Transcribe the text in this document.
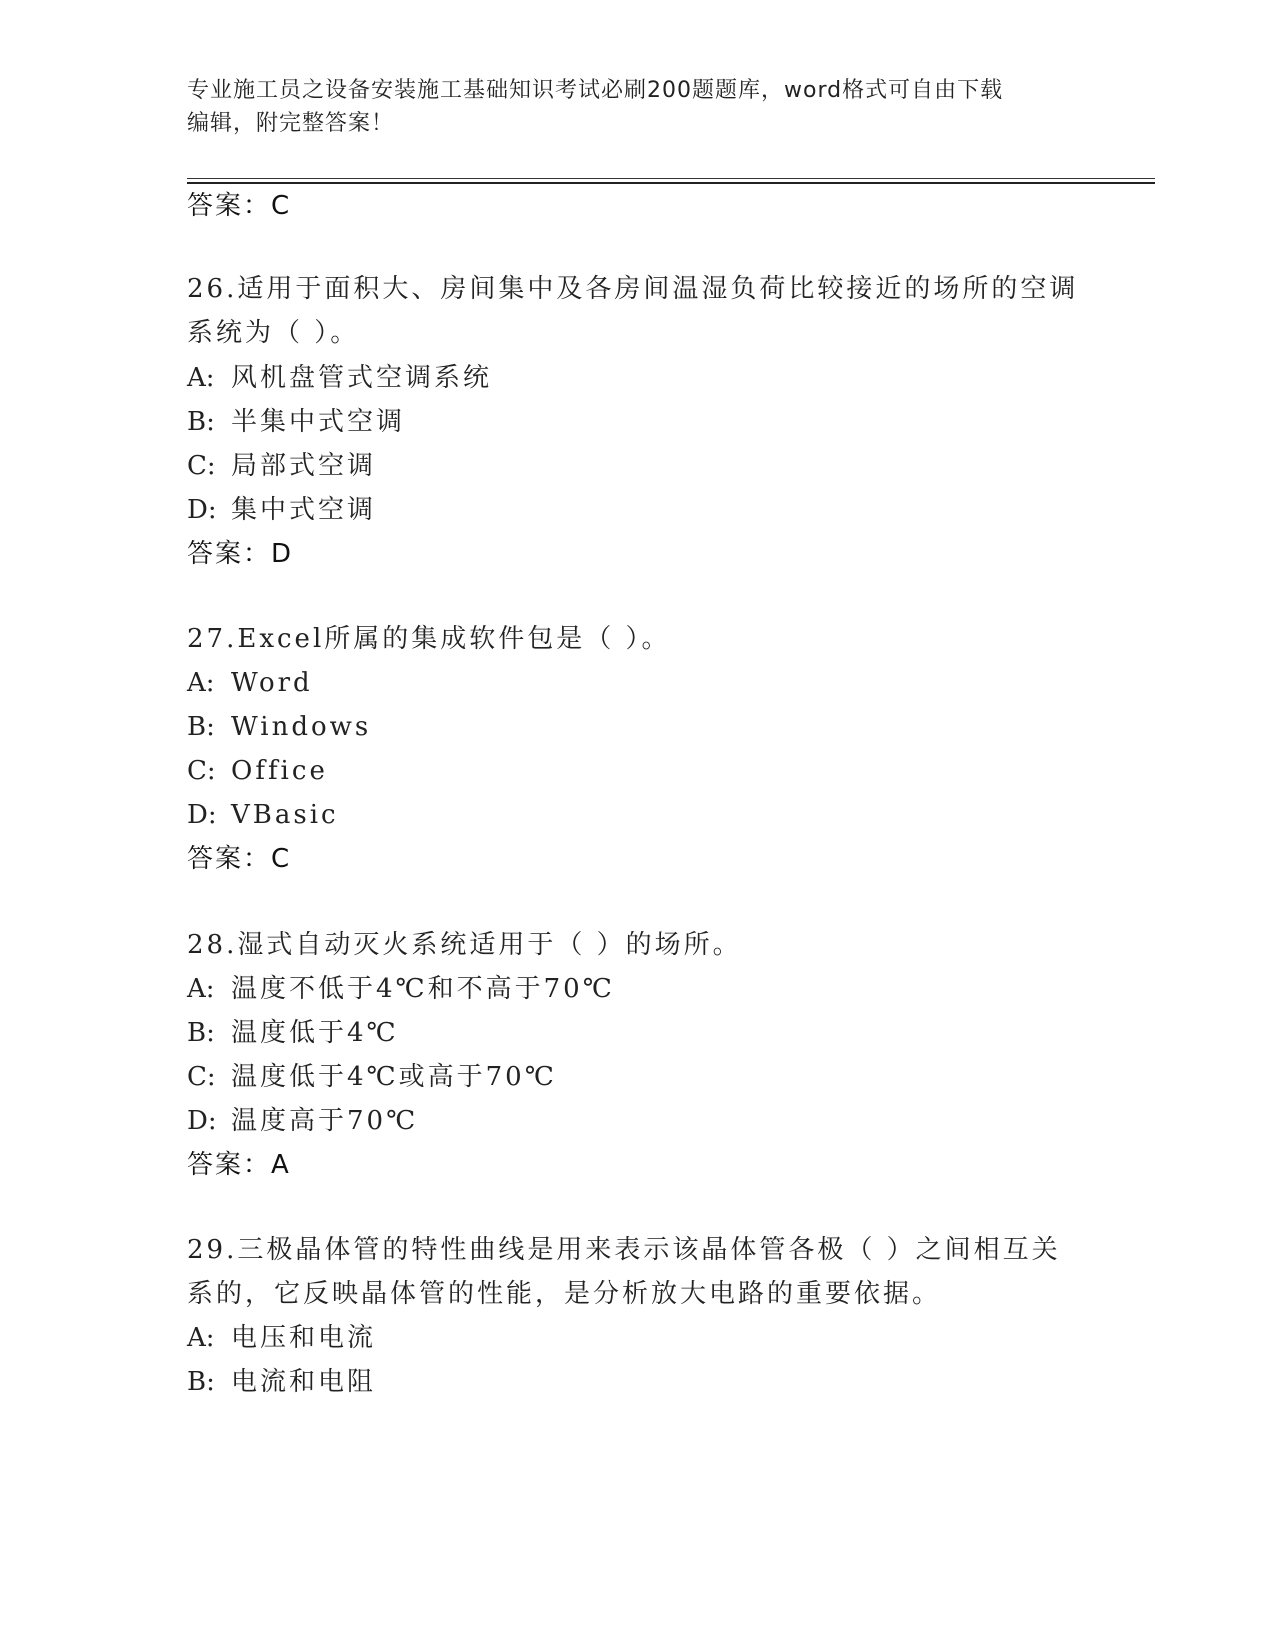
专业施工员之设备安装施工基础知识考试必刷200题题库，word格式可自由下载
编辑，附完整答案！
答案：C
26.适用于面积大、房间集中及各房间温湿负荷比较接近的场所的空调
系统为（ ）。
A: 风机盘管式空调系统
B: 半集中式空调
C: 局部式空调
D: 集中式空调
答案：D
27.Excel所属的集成软件包是（ ）。
A: Word
B: Windows
C: Office
D: VBasic
答案：C
28.湿式自动灭火系统适用于（ ）的场所。
A: 温度不低于4℃和不高于70℃
B: 温度低于4℃
C: 温度低于4℃或高于70℃
D: 温度高于70℃
答案：A
29.三极晶体管的特性曲线是用来表示该晶体管各极（ ）之间相互关
系的，它反映晶体管的性能，是分析放大电路的重要依据。
A: 电压和电流
B: 电流和电阻
